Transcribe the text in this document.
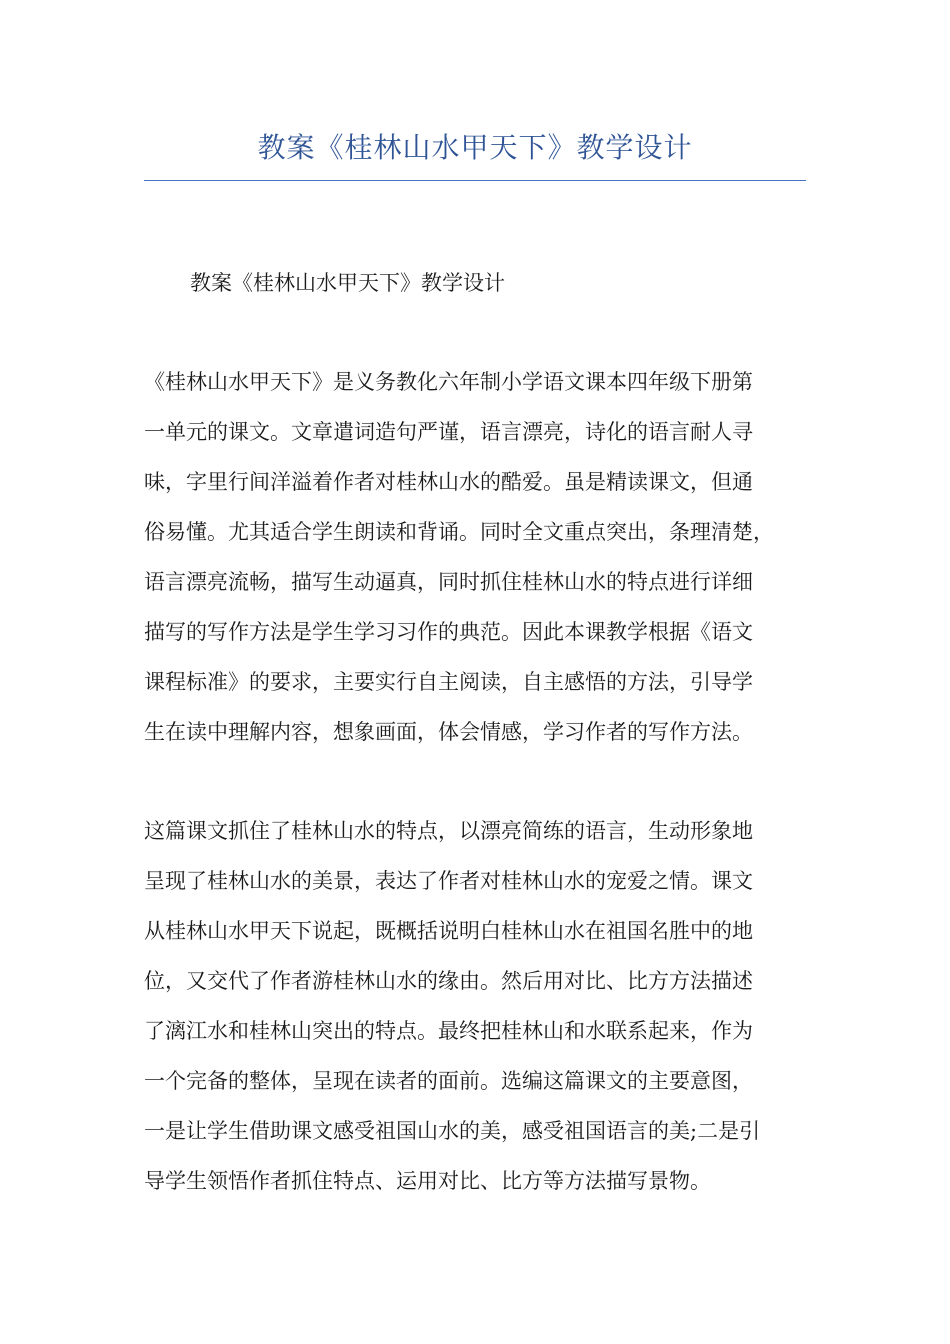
教案《桂林山水甲天下》教学设计
教案《桂林山水甲天下》教学设计
《桂林山水甲天下》是义务教化六年制小学语文课本四年级下册第
一单元的课文。文章遣词造句严谨，语言漂亮，诗化的语言耐人寻
味，字里行间洋溢着作者对桂林山水的酷爱。虽是精读课文，但通
俗易懂。尤其适合学生朗读和背诵。同时全文重点突出，条理清楚，
语言漂亮流畅，描写生动逼真，同时抓住桂林山水的特点进行详细
描写的写作方法是学生学习习作的典范。因此本课教学根据《语文
课程标准》的要求，主要实行自主阅读，自主感悟的方法，引导学
生在读中理解内容，想象画面，体会情感，学习作者的写作方法。
这篇课文抓住了桂林山水的特点，以漂亮简练的语言，生动形象地
呈现了桂林山水的美景，表达了作者对桂林山水的宠爱之情。课文
从桂林山水甲天下说起，既概括说明白桂林山水在祖国名胜中的地
位，又交代了作者游桂林山水的缘由。然后用对比、比方方法描述
了漓江水和桂林山突出的特点。最终把桂林山和水联系起来，作为
一个完备的整体，呈现在读者的面前。选编这篇课文的主要意图，
一是让学生借助课文感受祖国山水的美，感受祖国语言的美;二是引
导学生领悟作者抓住特点、运用对比、比方等方法描写景物。
